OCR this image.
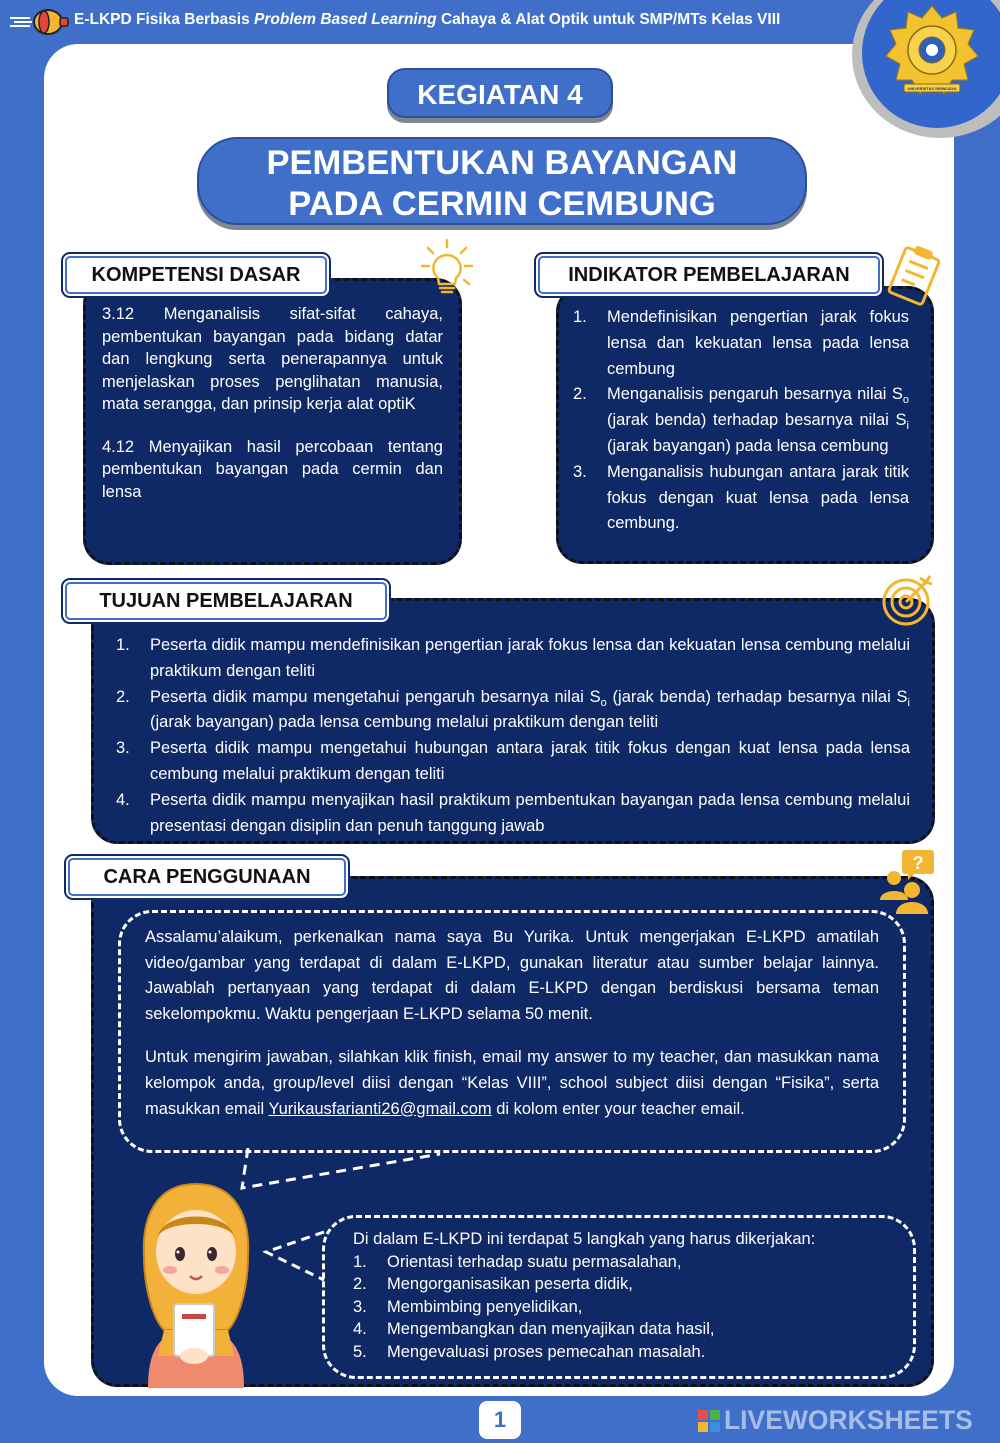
E-LKPD Fisika Berbasis Problem Based Learning Cahaya & Alat Optik untuk SMP/MTs Kelas VIII
UNIVERSITAS SRIWIJAYA
KEGIATAN 4
PEMBENTUKAN BAYANGAN
PADA CERMIN CEMBUNG

3.12 Menganalisis sifat-sifat cahaya, pembentukan bayangan pada bidang datar dan lengkung serta penerapannya untuk menjelaskan proses penglihatan manusia, mata serangga, dan prinsip kerja alat optiK

4.12 Menyajikan hasil percobaan tentang pembentukan bayangan pada cermin dan lensa

KOMPETENSI DASAR
1.	Mendefinisikan pengertian jarak fokus lensa dan kekuatan lensa pada lensa cembung
2.	Menganalisis pengaruh besarnya nilai $S_o$ (jarak benda) terhadap besarnya nilai $S_i$ (jarak bayangan) pada lensa cembung
3.	Menganalisis hubungan antara jarak titik fokus dengan kuat lensa pada lensa cembung.
INDIKATOR PEMBELAJARAN
1.	Peserta didik mampu mendefinisikan pengertian jarak fokus lensa dan kekuatan lensa cembung melalui praktikum dengan teliti
2.	Peserta didik mampu mengetahui pengaruh besarnya nilai $S_o$ (jarak benda) terhadap besarnya nilai $S_i$ (jarak bayangan) pada lensa cembung melalui praktikum dengan teliti
3.	Peserta didik mampu mengetahui hubungan antara jarak titik fokus dengan kuat lensa pada lensa cembung melalui praktikum dengan teliti
4.	Peserta didik mampu menyajikan hasil praktikum pembentukan bayangan pada lensa cembung melalui presentasi dengan disiplin dan penuh tanggung jawab
TUJUAN PEMBELAJARAN
CARA PENGGUNAAN
?

Assalamu’alaikum, perkenalkan nama saya Bu Yurika. Untuk mengerjakan E-LKPD amatilah video/gambar yang terdapat di dalam E-LKPD, gunakan literatur atau sumber belajar lainnya. Jawablah pertanyaan yang terdapat di dalam E-LKPD dengan berdiskusi bersama teman sekelompokmu. Waktu pengerjaan E-LKPD selama 50 menit.

Untuk mengirim jawaban, silahkan klik finish, email my answer to my teacher, dan masukkan nama kelompok anda, group/level diisi dengan “Kelas VIII”, school subject diisi dengan “Fisika”, serta masukkan email Yurikausfarianti26@gmail.com di kolom enter your teacher email.

Di dalam E-LKPD ini terdapat 5 langkah yang harus dikerjakan:
1.	Orientasi terhadap suatu permasalahan,
2.	Mengorganisasikan peserta didik,
3.	Membimbing penyelidikan,
4.	Mengembangkan dan menyajikan data hasil,
5.	Mengevaluasi proses pemecahan masalah.
1	LIVEWORKSHEETS
